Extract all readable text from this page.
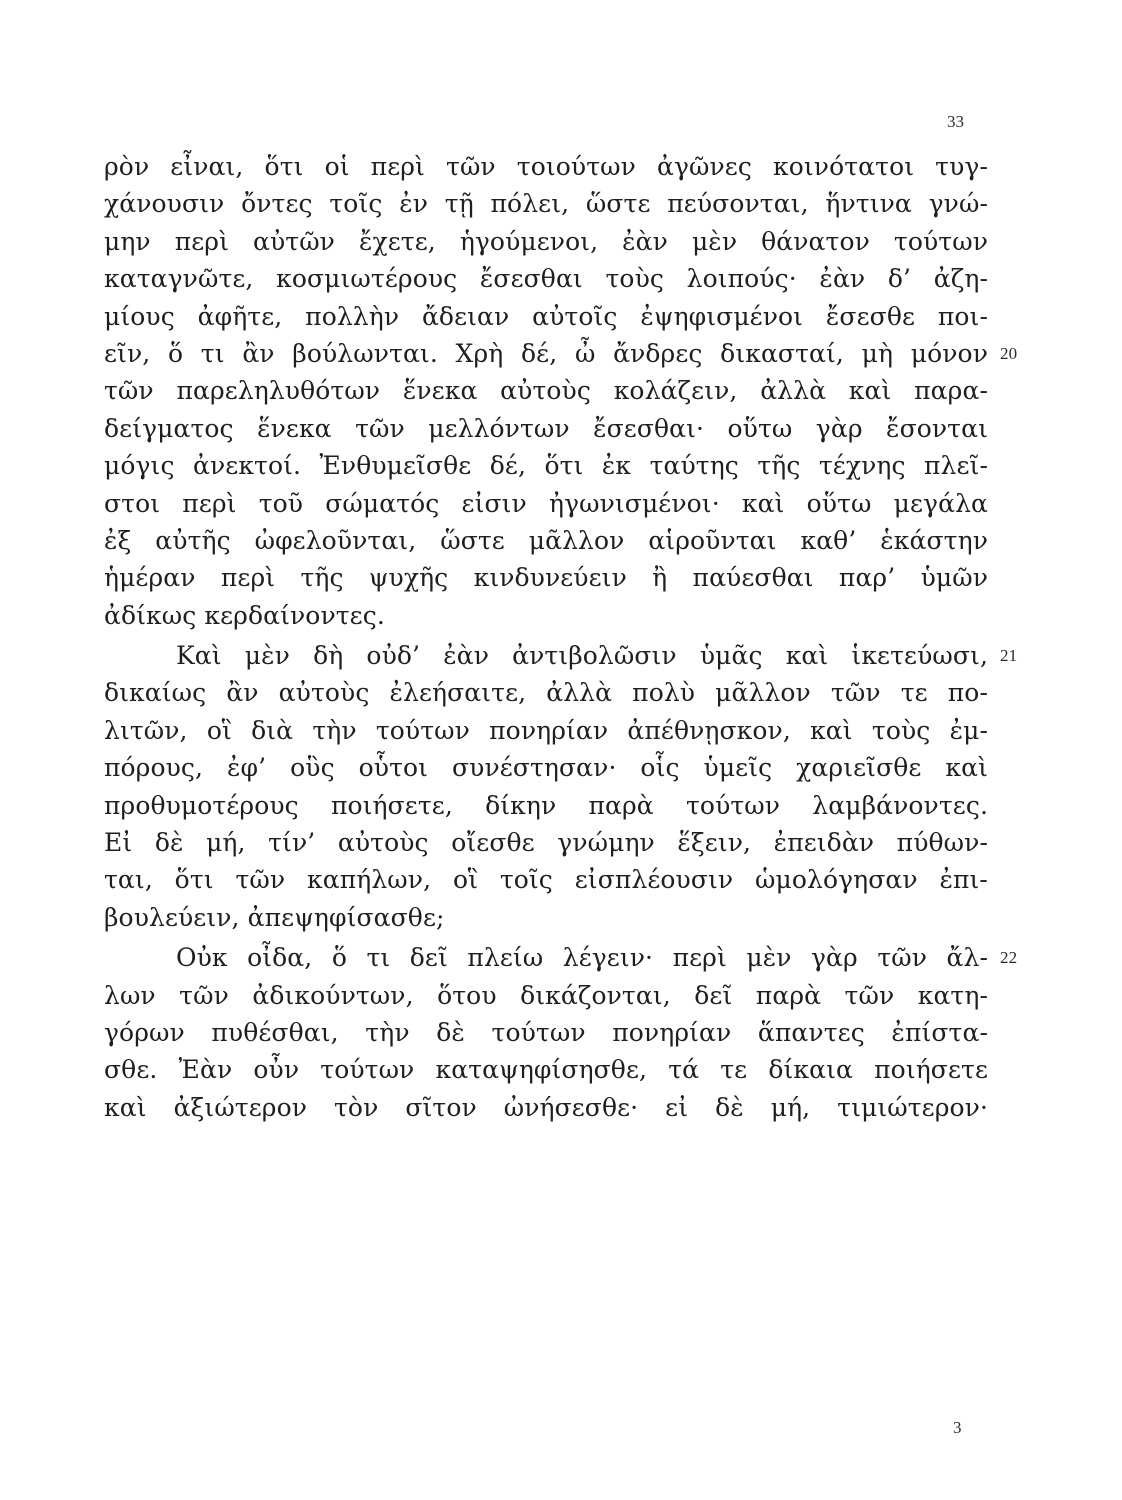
33
ρὸν εἶναι, ὅτι οἱ περὶ τῶν τοιούτων ἀγῶνες κοινότατοι τυγ-
χάνουσιν ὄντες τοῖς ἐν τῇ πόλει, ὥστε πεύσονται, ἥντινα γνώ-
μην περὶ αὐτῶν ἔχετε, ἡγούμενοι, ἐὰν μὲν θάνατον τούτων
καταγνῶτε, κοσμιωτέρους ἔσεσθαι τοὺς λοιπούς· ἐὰν δ’ ἀζη-
μίους ἀφῆτε, πολλὴν ἄδειαν αὐτοῖς ἐψηφισμένοι ἔσεσθε ποι-
εῖν, ὅ τι ἂν βούλωνται. Χρὴ δέ, ὦ ἄνδρες δικασταί, μὴ μόνον 20
τῶν παρεληλυθότων ἕνεκα αὐτοὺς κολάζειν, ἀλλὰ καὶ παρα-
δείγματος ἕνεκα τῶν μελλόντων ἔσεσθαι· οὕτω γὰρ ἔσονται
μόγις ἀνεκτοί. Ἐνθυμεῖσθε δέ, ὅτι ἐκ ταύτης τῆς τέχνης πλεῖ-
στοι περὶ τοῦ σώματός εἰσιν ἠγωνισμένοι· καὶ οὕτω μεγάλα
ἐξ αὐτῆς ὠφελοῦνται, ὥστε μᾶλλον αἱροῦνται καθ’ ἑκάστην
ἡμέραν περὶ τῆς ψυχῆς κινδυνεύειν ἢ παύεσθαι παρ’ ὑμῶν
ἀδίκως κερδαίνοντες.
Καὶ μὲν δὴ οὐδ’ ἐὰν ἀντιβολῶσιν ὑμᾶς καὶ ἱκετεύωσι, 21
δικαίως ἂν αὐτοὺς ἐλεήσαιτε, ἀλλὰ πολὺ μᾶλλον τῶν τε πο-
λιτῶν, οἳ διὰ τὴν τούτων πονηρίαν ἀπέθνῃσκον, καὶ τοὺς ἐμ-
πόρους, ἐφ’ οὓς οὗτοι συνέστησαν· οἷς ὑμεῖς χαριεῖσθε καὶ
προθυμοτέρους ποιήσετε, δίκην παρὰ τούτων λαμβάνοντες.
Εἰ δὲ μή, τίν’ αὐτοὺς οἴεσθε γνώμην ἕξειν, ἐπειδὰν πύθων-
ται, ὅτι τῶν καπήλων, οἳ τοῖς εἰσπλέουσιν ὡμολόγησαν ἐπι-
βουλεύειν, ἀπεψηφίσασθε;
Οὐκ οἶδα, ὅ τι δεῖ πλείω λέγειν· περὶ μὲν γὰρ τῶν ἄλ- 22
λων τῶν ἀδικούντων, ὅτου δικάζονται, δεῖ παρὰ τῶν κατη-
γόρων πυθέσθαι, τὴν δὲ τούτων πονηρίαν ἅπαντες ἐπίστα-
σθε. Ἐὰν οὖν τούτων καταψηφίσησθε, τά τε δίκαια ποιήσετε
καὶ ἀξιώτερον τὸν σῖτον ὠνήσεσθε· εἰ δὲ μή, τιμιώτερον·
3
